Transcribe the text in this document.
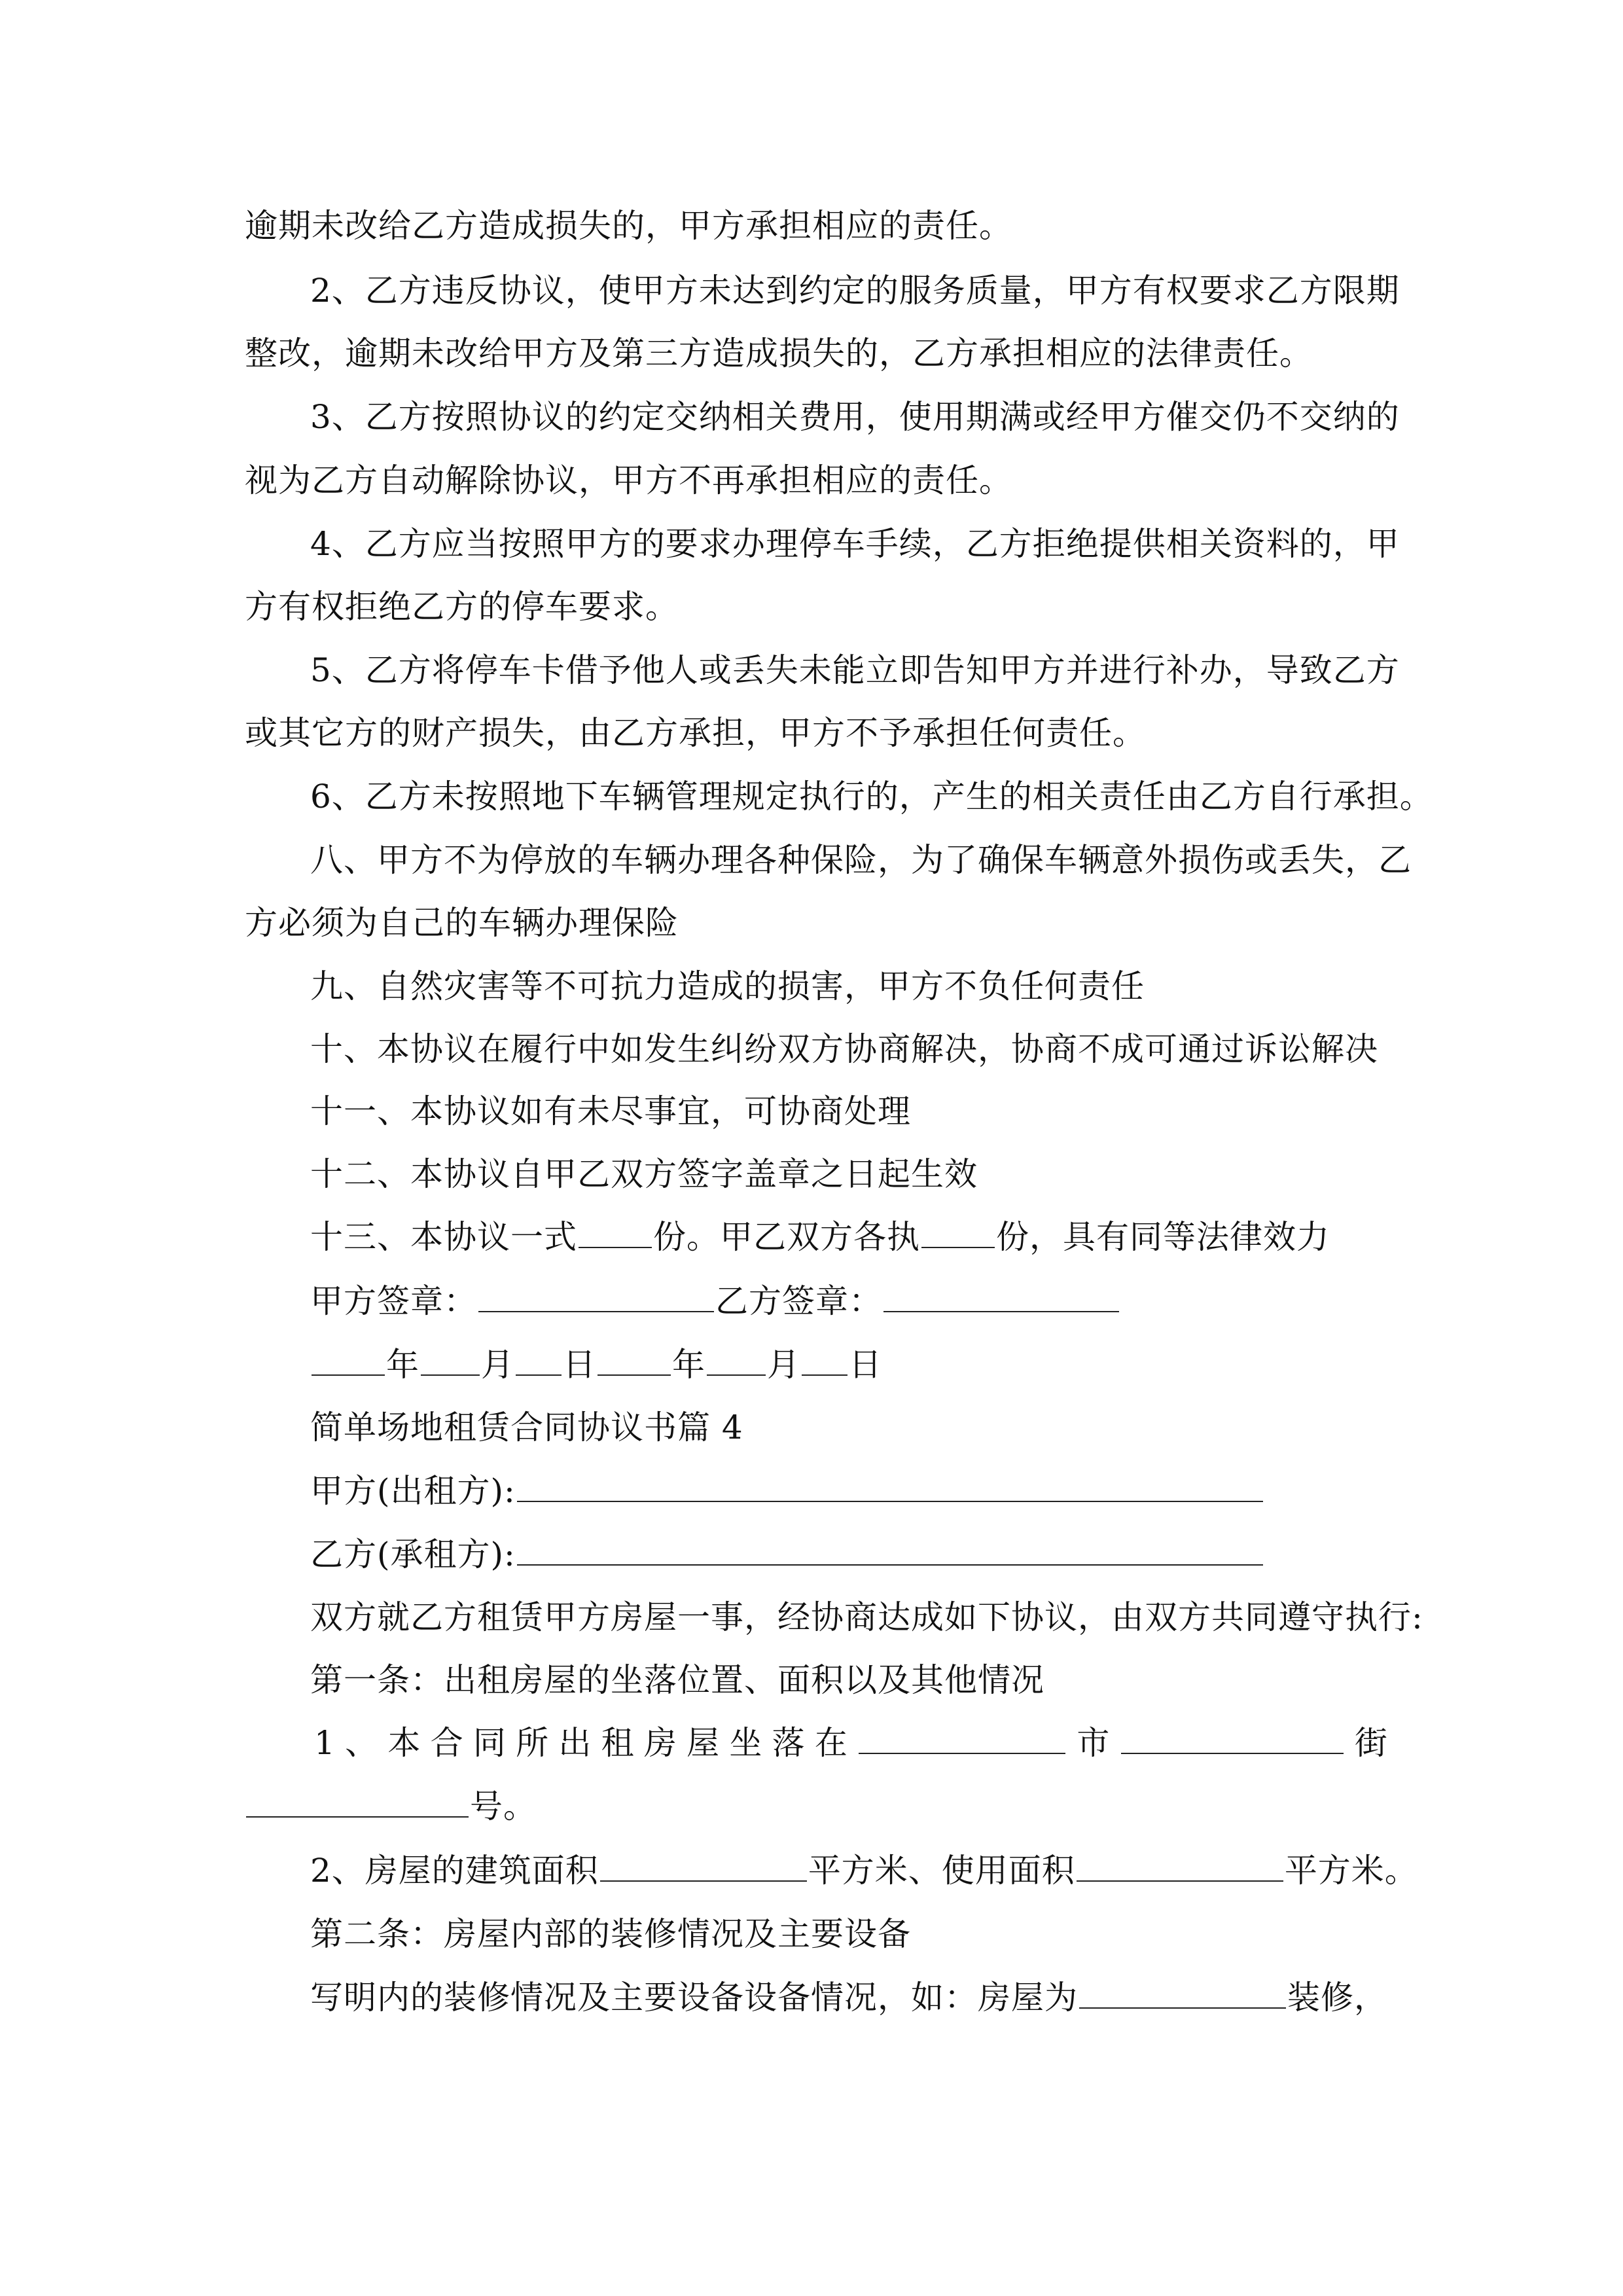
逾期未改给乙方造成损失的，甲方承担相应的责任。
2、乙方违反协议，使甲方未达到约定的服务质量，甲方有权要求乙方限期
整改，逾期未改给甲方及第三方造成损失的，乙方承担相应的法律责任。
3、乙方按照协议的约定交纳相关费用，使用期满或经甲方催交仍不交纳的
视为乙方自动解除协议，甲方不再承担相应的责任。
4、乙方应当按照甲方的要求办理停车手续，乙方拒绝提供相关资料的，甲
方有权拒绝乙方的停车要求。
5、乙方将停车卡借予他人或丢失未能立即告知甲方并进行补办，导致乙方
或其它方的财产损失，由乙方承担，甲方不予承担任何责任。
6、乙方未按照地下车辆管理规定执行的，产生的相关责任由乙方自行承担。
八、甲方不为停放的车辆办理各种保险，为了确保车辆意外损伤或丢失，乙
方必须为自己的车辆办理保险
九、自然灾害等不可抗力造成的损害，甲方不负任何责任
十、本协议在履行中如发生纠纷双方协商解决，协商不成可通过诉讼解决
十一、本协议如有未尽事宜，可协商处理
十二、本协议自甲乙双方签字盖章之日起生效
十三、本协议一式 份。甲乙双方各执 份，具有同等法律效力
甲方签章：	乙方签章：
年 月 日 年 月 日
简单场地租赁合同协议书篇 4
甲方(出租方):
乙方(承租方):
双方就乙方租赁甲方房屋一事，经协商达成如下协议，由双方共同遵守执行:
第一条：出租房屋的坐落位置、面积以及其他情况
1 、 本 合 同 所 出 租 房 屋 坐 落 在	市	街
号。
2、房屋的建筑面积	平方米、使用面积	平方米。
第二条：房屋内部的装修情况及主要设备
写明内的装修情况及主要设备设备情况，如：房屋为	装修，
